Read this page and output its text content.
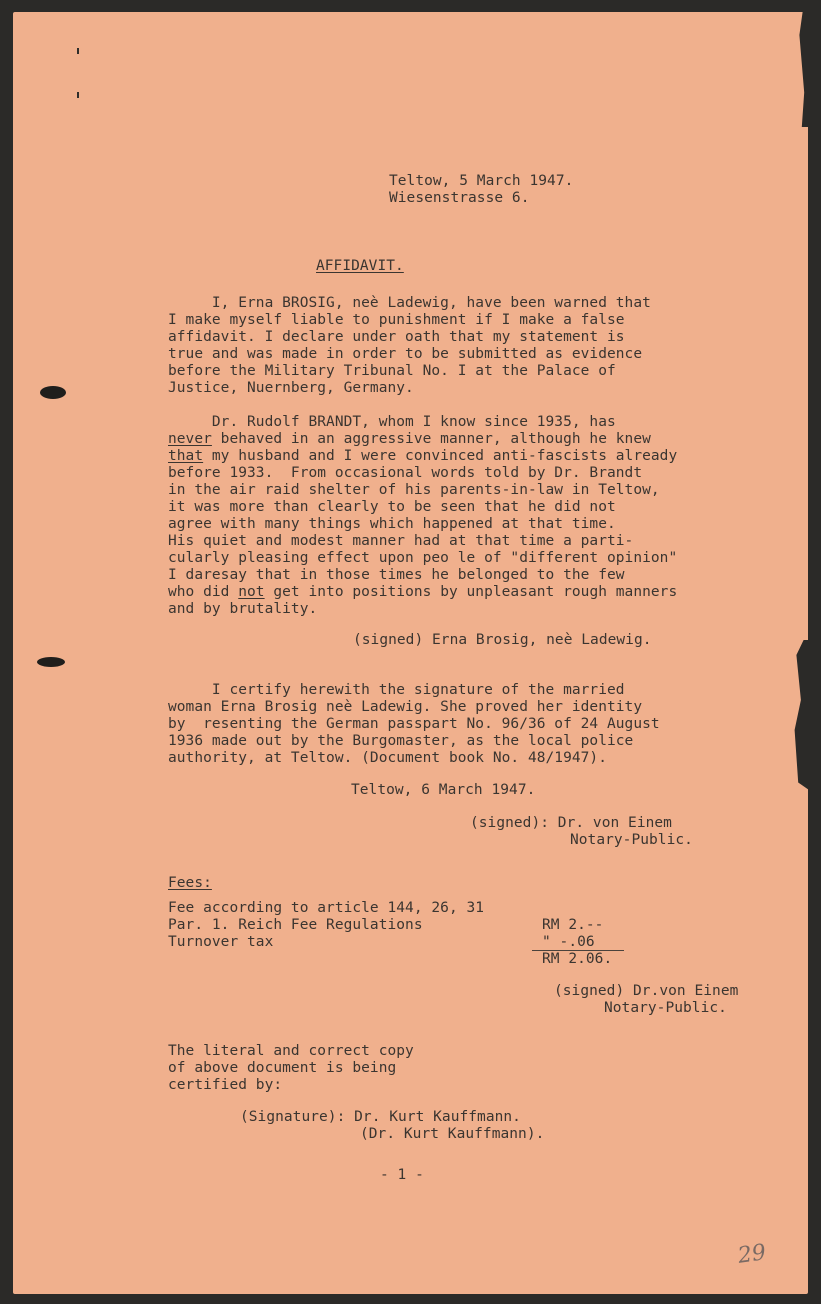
Teltow, 5 March 1947.

Wiesenstrasse 6.

AFFIDAVIT.

I, Erna BROSIG, neè Ladewig, have been warned that

I make myself liable to punishment if I make a false

affidavit. I declare under oath that my statement is

true and was made in order to be submitted as evidence

before the Military Tribunal No. I at the Palace of

Justice, Nuernberg, Germany.

Dr. Rudolf BRANDT, whom I know since 1935, has

never behaved in an aggressive manner, although he knew

that my husband and I were convinced anti-fascists already

before 1933.  From occasional words told by Dr. Brandt

in the air raid shelter of his parents-in-law in Teltow,

it was more than clearly to be seen that he did not

agree with many things which happened at that time.

His quiet and modest manner had at that time a parti-

cularly pleasing effect upon peo le of "different opinion"

I daresay that in those times he belonged to the few

who did not get into positions by unpleasant rough manners

and by brutality.

(signed) Erna Brosig, neè Ladewig.

I certify herewith the signature of the married

woman Erna Brosig neè Ladewig. She proved her identity

by  resenting the German passpart No. 96/36 of 24 August

1936 made out by the Burgomaster, as the local police

authority, at Teltow. (Document book No. 48/1947).

Teltow, 6 March 1947.

(signed): Dr. von Einem

Notary-Public.

Fees:

Fee according to article 144, 26, 31

Par. 1. Reich Fee Regulations

Turnover tax

RM 2.--

" -.06

RM 2.06.

(signed) Dr.von Einem

Notary-Public.

The literal and correct copy

of above document is being

certified by:

(Signature): Dr. Kurt Kauffmann.

(Dr. Kurt Kauffmann).

- 1 -

29
